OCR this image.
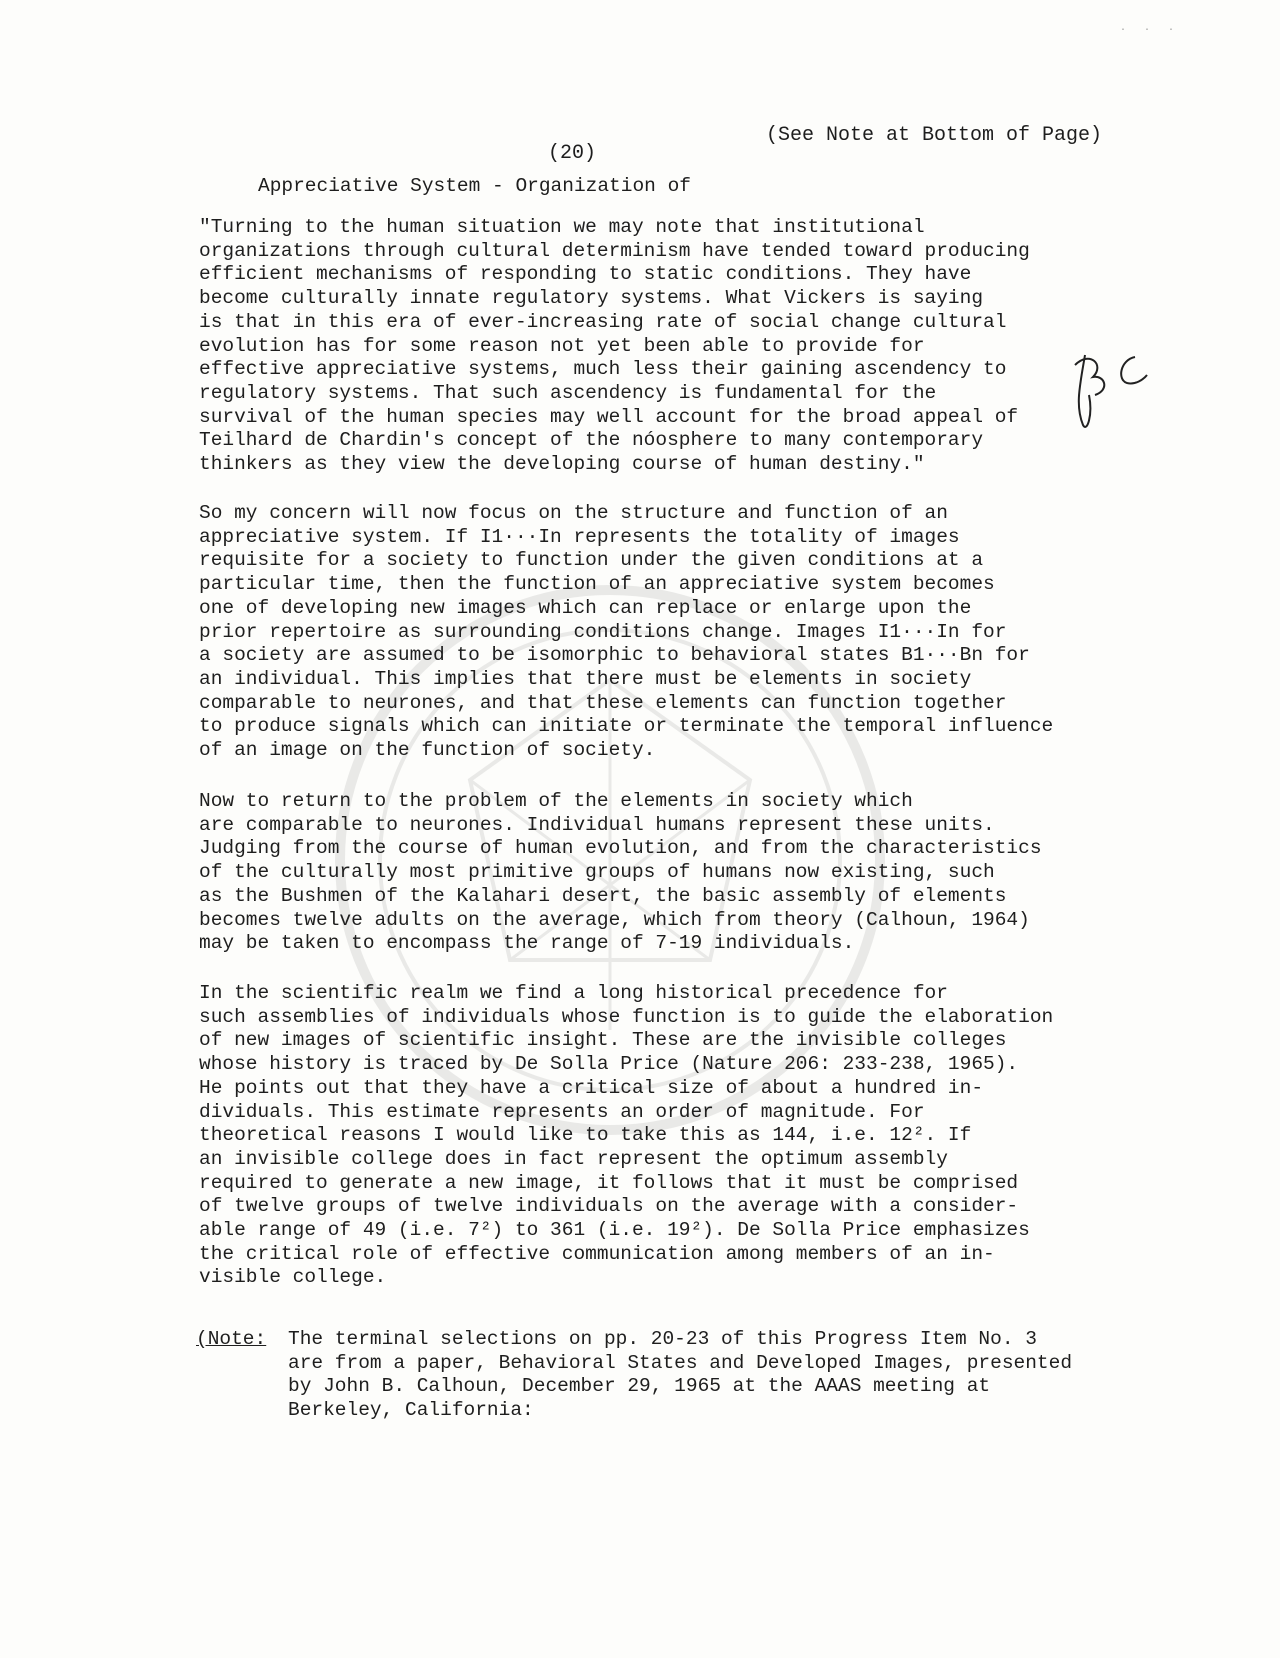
· · ·
(See Note at Bottom of Page)
(20)
Appreciative System - Organization of

"Turning to the human situation we may note that institutional
organizations through cultural determinism have tended toward producing
efficient mechanisms of responding to static conditions. They have
become culturally innate regulatory systems. What Vickers is saying
is that in this era of ever-increasing rate of social change cultural
evolution has for some reason not yet been able to provide for
effective appreciative systems, much less their gaining ascendency to
regulatory systems. That such ascendency is fundamental for the
survival of the human species may well account for the broad appeal of
Teilhard de Chardin's concept of the nóosphere to many contemporary
thinkers as they view the developing course of human destiny."

So my concern will now focus on the structure and function of an
appreciative system. If I1···In represents the totality of images
requisite for a society to function under the given conditions at a
particular time, then the function of an appreciative system becomes
one of developing new images which can replace or enlarge upon the
prior repertoire as surrounding conditions change. Images I1···In for
a society are assumed to be isomorphic to behavioral states B1···Bn for
an individual. This implies that there must be elements in society
comparable to neurones, and that these elements can function together
to produce signals which can initiate or terminate the temporal influence
of an image on the function of society.

Now to return to the problem of the elements in society which
are comparable to neurones. Individual humans represent these units.
Judging from the course of human evolution, and from the characteristics
of the culturally most primitive groups of humans now existing, such
as the Bushmen of the Kalahari desert, the basic assembly of elements
becomes twelve adults on the average, which from theory (Calhoun, 1964)
may be taken to encompass the range of 7-19 individuals.

In the scientific realm we find a long historical precedence for
such assemblies of individuals whose function is to guide the elaboration
of new images of scientific insight. These are the invisible colleges
whose history is traced by De Solla Price (Nature 206: 233-238, 1965).
He points out that they have a critical size of about a hundred in-
dividuals. This estimate represents an order of magnitude. For
theoretical reasons I would like to take this as 144, i.e. 12². If
an invisible college does in fact represent the optimum assembly
required to generate a new image, it follows that it must be comprised
of twelve groups of twelve individuals on the average with a consider-
able range of 49 (i.e. 7²) to 361 (i.e. 19²). De Solla Price emphasizes
the critical role of effective communication among members of an in-
visible college.

(Note: The terminal selections on pp. 20-23 of this Progress Item No. 3
are from a paper, Behavioral States and Developed Images, presented
by John B. Calhoun, December 29, 1965 at the AAAS meeting at
Berkeley, California:
